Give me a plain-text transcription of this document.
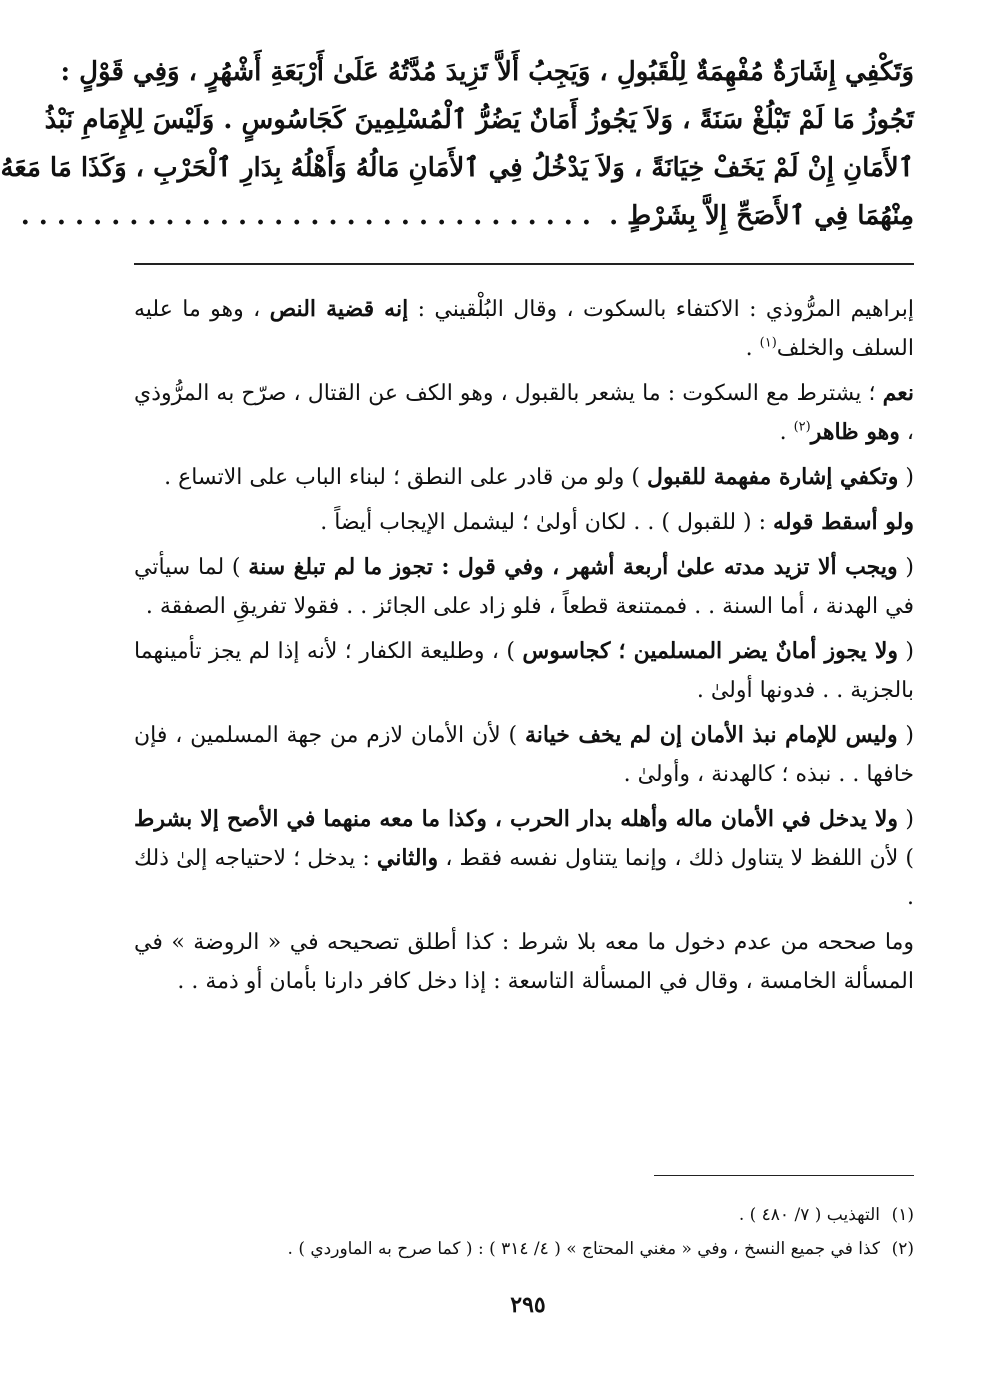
وَتَكْفِي إِشَارَةٌ مُفْهِمَةٌ لِلْقَبُولِ ، وَيَجِبُ أَلاَّ تَزِيدَ مُدَّتُهُ عَلَىٰ أَرْبَعَةِ أَشْهُرٍ ، وَفِي قَوْلٍ :
تَجُوزُ مَا لَمْ تَبْلُغْ سَنَةً ، وَلاَ يَجُوزُ أَمَانٌ يَضُرُّ ٱلْمُسْلِمِينَ كَجَاسُوسٍ . وَلَيْسَ لِلإِمَامِ نَبْذُ
ٱلأَمَانِ إِنْ لَمْ يَخَفْ خِيَانَةً ، وَلاَ يَدْخُلُ فِي ٱلأَمَانِ مَالُهُ وَأَهْلُهُ بِدَارِ ٱلْحَرْبِ ، وَكَذَا مَا مَعَهُ
مِنْهُمَا فِي ٱلأَصَحِّ إِلاَّ بِشَرْطٍ .  . . . . . . . . . . . . . . . . . . . . . . . . . . . . . . . .

إبراهيم المرُّوذي : الاكتفاء بالسكوت ، وقال البُلْقيني : إنه قضية النص ، وهو ما عليه السلف والخلف$^{(١)}$ .

نعم ؛ يشترط مع السكوت : ما يشعر بالقبول ، وهو الكف عن القتال ، صرّح به المرُّوذي ، وهو ظاهر$^{(٢)}$ .

( وتكفي إشارة مفهمة للقبول ) ولو من قادر على النطق ؛ لبناء الباب على الاتساع .

ولو أسقط قوله : ( للقبول ) . . لكان أولىٰ ؛ ليشمل الإيجاب أيضاً .

( ويجب ألا تزيد مدته علىٰ أربعة أشهر ، وفي قول : تجوز ما لم تبلغ سنة ) لما سيأتي في الهدنة ، أما السنة . . فممتنعة قطعاً ، فلو زاد على الجائز . . فقولا تفريقِ الصفقة .

( ولا يجوز أمانٌ يضر المسلمين ؛ كجاسوس ) ، وطليعة الكفار ؛ لأنه إذا لم يجز تأمينهما بالجزية . . فدونها أولىٰ .

( وليس للإمام نبذ الأمان إن لم يخف خيانة ) لأن الأمان لازم من جهة المسلمين ، فإن خافها . . نبذه ؛ كالهدنة ، وأولىٰ .

( ولا يدخل في الأمان ماله وأهله بدار الحرب ، وكذا ما معه منهما في الأصح إلا بشرط ) لأن اللفظ لا يتناول ذلك ، وإنما يتناول نفسه فقط ، والثاني : يدخل ؛ لاحتياجه إلىٰ ذلك .

وما صححه من عدم دخول ما معه بلا شرط : كذا أطلق تصحيحه في « الروضة » في المسألة الخامسة ، وقال في المسألة التاسعة : إذا دخل كافر دارنا بأمان أو ذمة . .

(١)التهذيب ( ٧/ ٤٨٠ ) .
(٢)كذا في جميع النسخ ، وفي « مغني المحتاج » ( ٤/ ٣١٤ ) : ( كما صرح به الماوردي ) .
٢٩٥
